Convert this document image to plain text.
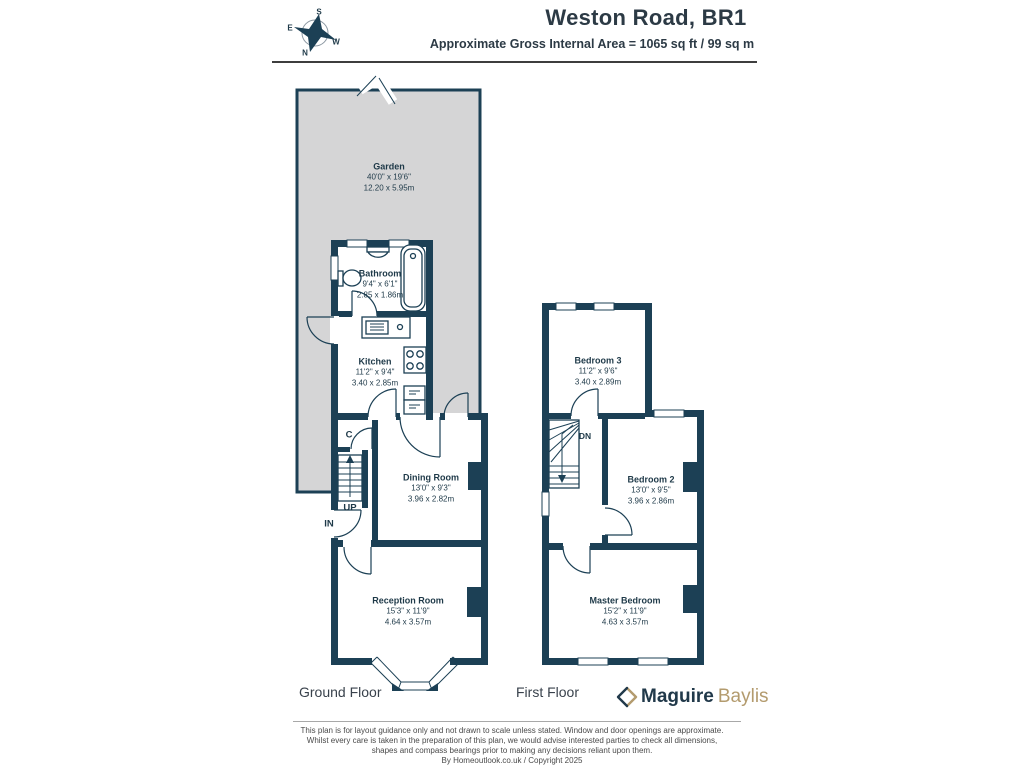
S
E
W
N
Weston Road, BR1
Approximate Gross Internal Area = 1065 sq ft / 99 sq m
Garden
40'0" x 19'6"
12.20 x 5.95m
Bathroom
9'4" x 6'1"
2.85 x 1.86m
Kitchen
11'2" x 9'4"
3.40 x 2.85m
Dining Room
13'0" x 9'3"
3.96 x 2.82m
Reception Room
15'3" x 11'9"
4.64 x 3.57m
Bedroom 3
11'2" x 9'6"
3.40 x 2.89m
Bedroom 2
13'0" x 9'5"
3.96 x 2.86m
Master Bedroom
15'2" x 11'9"
4.63 x 3.57m
C
UP
IN
DN
Ground Floor	First Floor	Maguire Baylis
This plan is for layout guidance only and not drawn to scale unless stated. Window and door openings are approximate.
Whilst every care is taken in the preparation of this plan, we would advise interested parties to check all dimensions,
shapes and compass bearings prior to making any decisions reliant upon them.
By Homeoutlook.co.uk / Copyright 2025
